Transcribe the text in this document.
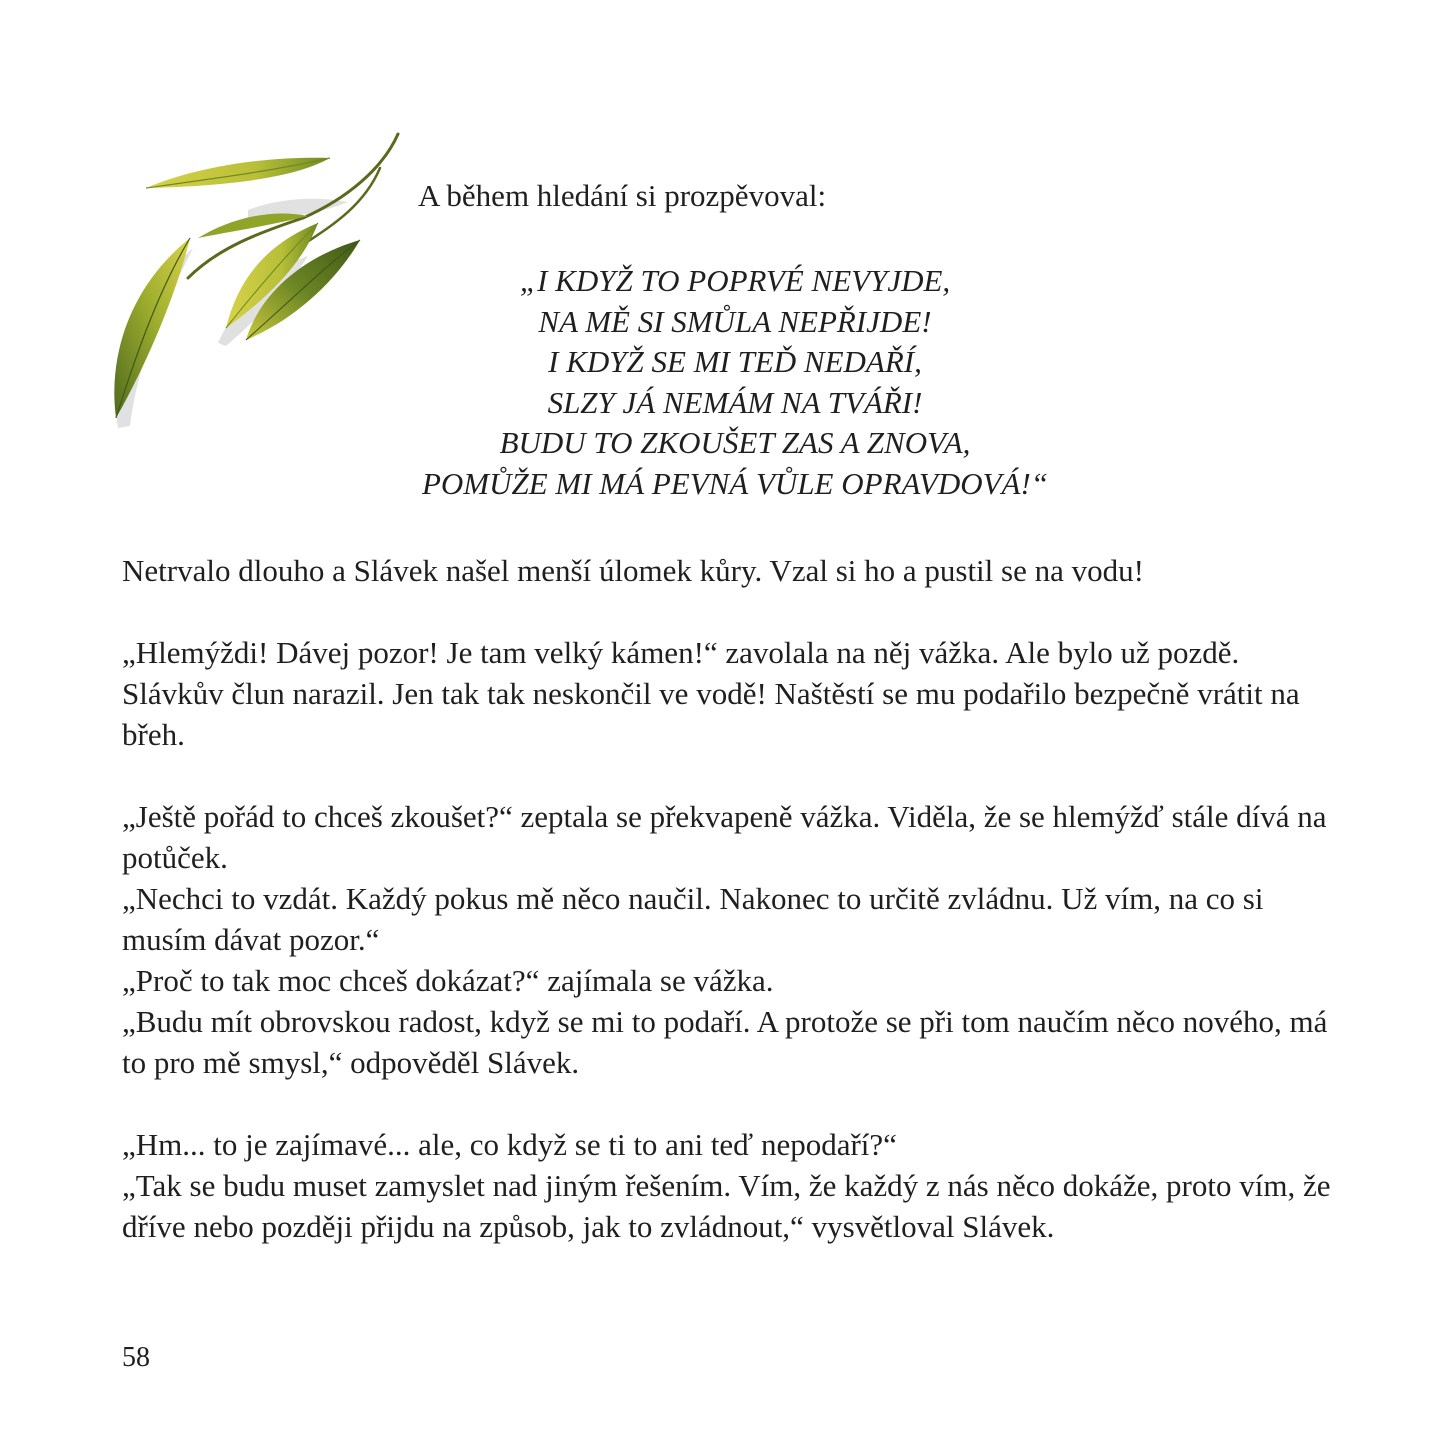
A během hledání si prozpěvoval:

„I KDYŽ TO POPRVÉ NEVYJDE,
NA MĚ SI SMŮLA NEPŘIJDE!
I KDYŽ SE MI TEĎ NEDAŘÍ,
SLZY JÁ NEMÁM NA TVÁŘI!
BUDU TO ZKOUŠET ZAS A ZNOVA,
POMŮŽE MI MÁ PEVNÁ VŮLE OPRAVDOVÁ!“

Netrvalo dlouho a Slávek našel menší úlomek kůry. Vzal si ho a pustil se na vodu!

„Hlemýždi! Dávej pozor! Je tam velký kámen!“ zavolala na něj vážka. Ale bylo už pozdě. Slávkův člun narazil. Jen tak tak neskončil ve vodě! Naštěstí se mu podařilo bezpečně vrátit na břeh.

„Ještě pořád to chceš zkoušet?“ zeptala se překvapeně vážka. Viděla, že se hlemýžď stále dívá na potůček.
„Nechci to vzdát. Každý pokus mě něco naučil. Nakonec to určitě zvládnu. Už vím, na co si musím dávat pozor.“
„Proč to tak moc chceš dokázat?“ zajímala se vážka.
„Budu mít obrovskou radost, když se mi to podaří. A protože se při tom naučím něco nového, má to pro mě smysl,“ odpověděl Slávek.

„Hm... to je zajímavé... ale, co když se ti to ani teď nepodaří?“
„Tak se budu muset zamyslet nad jiným řešením. Vím, že každý z nás něco dokáže, proto vím, že dříve nebo později přijdu na způsob, jak to zvládnout,“ vysvětloval Slávek.

58
